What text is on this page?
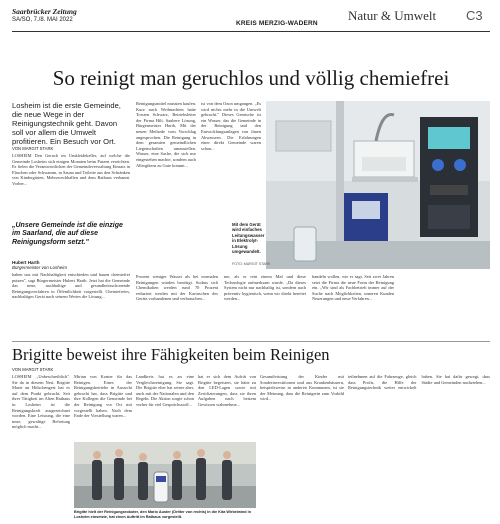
Saarbrücker Zeitung
SA/SO, 7./8. MAI 2022	KREIS MERZIG-WADERN
Natur & Umwelt C3
So reinigt man geruchlos und völlig chemiefrei
Losheim ist die erste Gemeinde, die neue Wege in der Reinigungstechnik geht. Davon soll vor allem die Umwelt profitieren. Ein Besuch vor Ort.
VON MARGIT STARK
LOSHEIM Den Geruch im Umkleidekeller, auf welche die Gemeinde Losheim sich einigen Monaten beim Putzen verzichten. Es fielen die Verantwortlichen der Gemeindeverwaltung Einsatz in Flaschen oder Schwamm, in Sauna und Toilette aus den Schränken von Kindergärten, Mehrzweckhallen und dem Rathaus verbannt. Vorher...
„Unsere Gemeinde ist die einzige im Saarland, die auf diese Reinigungsform setzt."
Hubert Harth
Bürgermeister von Losheim
haben uns mit Nachhaltigkeit entschieden und bauen chemiefrei putzen", sagt Bürgermeister Hubert Harth. Jetzt hat die Gemeinde das neue, nachhaltige und gesundheitsschonende Reinigungsverfahren in Öffentlichkeit vorgestellt. Chemiefreies, nachhaltiges Gerät nach seinem Wertes die Lösung...
Reinigungsmittel mussten kaufen. Kurz nach Weihnachten hatte Torsten Schwarz, Betriebsleiter der Firma Hilt, Saubere Lösung, Bürgermeister Harth, Mit der neuen Methode vom Vorschlag angesprochen. Die Reinigung in dem gesamten gemeindlichen Liegenschaften umzustellen. Wasser, eine Sache, die sich nur eingestehen machte, sondern auch Allergikern zu Gute kommt...
ist von dem Ozon umgangen. „Es wird nichts mehr in die Umwelt gebracht." Dieses Gemische ist ein Wasser, das die Gemeinde in der Reinigung und den Entwicklungsanlagen von ihnen Abwassern. Die Erfahrungen einer direkt Gemeinde waren schon...
Mit dem Gerät wird einfaches Leitungswasser in Elektrolyt-Lösung umgewandelt.
FOTO: MARGIT STARK
Prozent weniger Wasser als bei normalen Reinigungen würden benötigt. Sodass sich Chemikalien werden rund 70 Prozent reduziert werden mit der Kartuschen des Geräts vorhandenen und verbrauchen...
me, als er rein einem Mal und diese Technologie aufmerksam wurde. „Da dieses System nicht nur nachhaltig ist, sondern auch präventiv hygienisch, wenn wir direkt bereitet werden...
handeln wollen, wie er sagt. Seit zwei Jahren setzt die Firma die neue Form der Reinigung ein. „Wir sind als Fachbetrieb immer auf der Suche nach Möglichkeiten, unseren Kunden Neuerungen und neue Verfahren...
Brigitte beweist ihre Fähigkeiten beim Reinigen
VON MARGIT STARK
LOSHEIM „Unbeschreiblich". Sie da in diesem Nest. Brigitte Marie an Hölschengest hat es auf dem Punkt gebracht. Seit ihrer Tätigkeit im Alten Rathaus in Losheim ist die Reinigungskraft ausgezeichnet worden. Eine Leistung, die eine neue, gewaltige Befreiung möglich macht...
Mirian von Konter für das Reinigen. Eines der Reinigungsbetriebe in Aussicht gebracht hat, dass Brigitte und ihre Kollegen die Gemeinde bei der Reinigung vor Ort mit vorgestellt haben. Nach dem Ende der Vorstellung waren...
Landkreis hat es an eine Vergleichsreinigung. Sie sagt. Die Brigitte eher hat seiner aber, auch mit der Nationalen und den Regeln. Die Aktion sorgte schon vorher für viel Gesprächsstoff...
hat er sich dem Aufritt von Brigitte begeistert, sie hätte zu den LED-Lagen sowie mit Zertifizierungen, dass sie ihren Aufgaben nach bestem Gewissen wahrnehme...
Gesamtleistung der Kinder mit Sonderinvestitionen und aus Krankenhäusern, beispielsweise in anderen Kommunen, ist sie der Meinung, dass die Reinigerin zum Vorbild wird...
teilnehmen auf die Fahrzeuge, gleich dass Profis, die Hilfe der Reinigungstechnik weiter entwickelt haben. Sie hat dafür gesorgt, dass Städte und Gemeinden nachziehen...
Brigitte hielt der Reinigungsroboter, den Mario Auster (Dritter von rechts) in die Kita Wirbelwind in Losheim einsetzte, hat einen Auftritt im Rathaus vorgestellt.
